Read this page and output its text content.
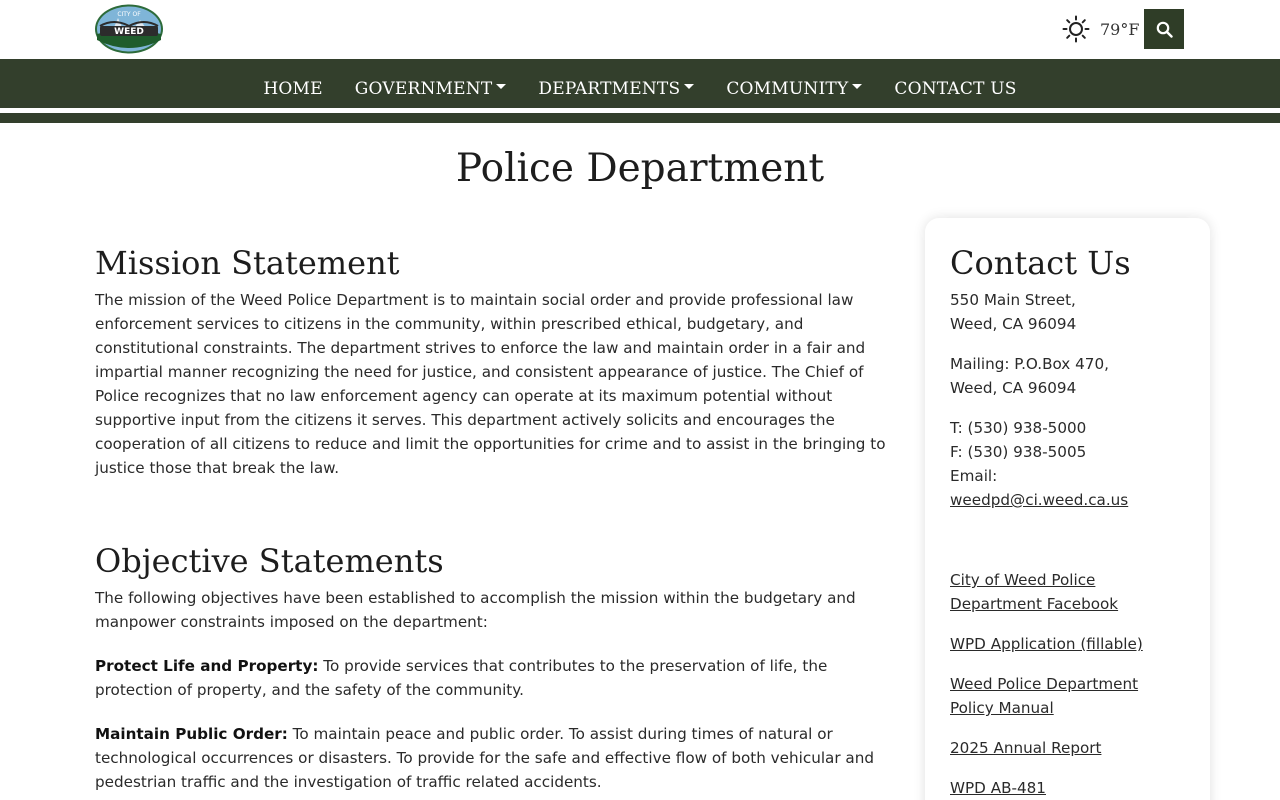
CITY OF
WEED	79°F
HOME GOVERNMENT	DEPARTMENTS	COMMUNITY	CONTACT US
Police Department
Mission Statement

The mission of the Weed Police Department is to maintain social order and provide professional law enforcement services to citizens in the community, within prescribed ethical, budgetary, and constitutional constraints. The department strives to enforce the law and maintain order in a fair and impartial manner recognizing the need for justice, and consistent appearance of justice. The Chief of Police recognizes that no law enforcement agency can operate at its maximum potential without supportive input from the citizens it serves. This department actively solicits and encourages the cooperation of all citizens to reduce and limit the opportunities for crime and to assist in the bringing to justice those that break the law.

Objective Statements

The following objectives have been established to accomplish the mission within the budgetary and manpower constraints imposed on the department:

Protect Life and Property: To provide services that contributes to the preservation of life, the protection of property, and the safety of the community.

Maintain Public Order: To maintain peace and public order. To assist during times of natural or technological occurrences or disasters. To provide for the safe and effective flow of both vehicular and pedestrian traffic and the investigation of traffic related accidents.

Contact Us
550 Main Street,
Weed, CA 96094
Mailing: P.O.Box 470,
Weed, CA 96094
T: (530) 938-5000
F: (530) 938-5005
Email:
weedpd@ci.weed.ca.us
City of Weed Police Department Facebook
WPD Application (fillable)
Weed Police Department Policy Manual
2025 Annual Report
WPD AB-481
